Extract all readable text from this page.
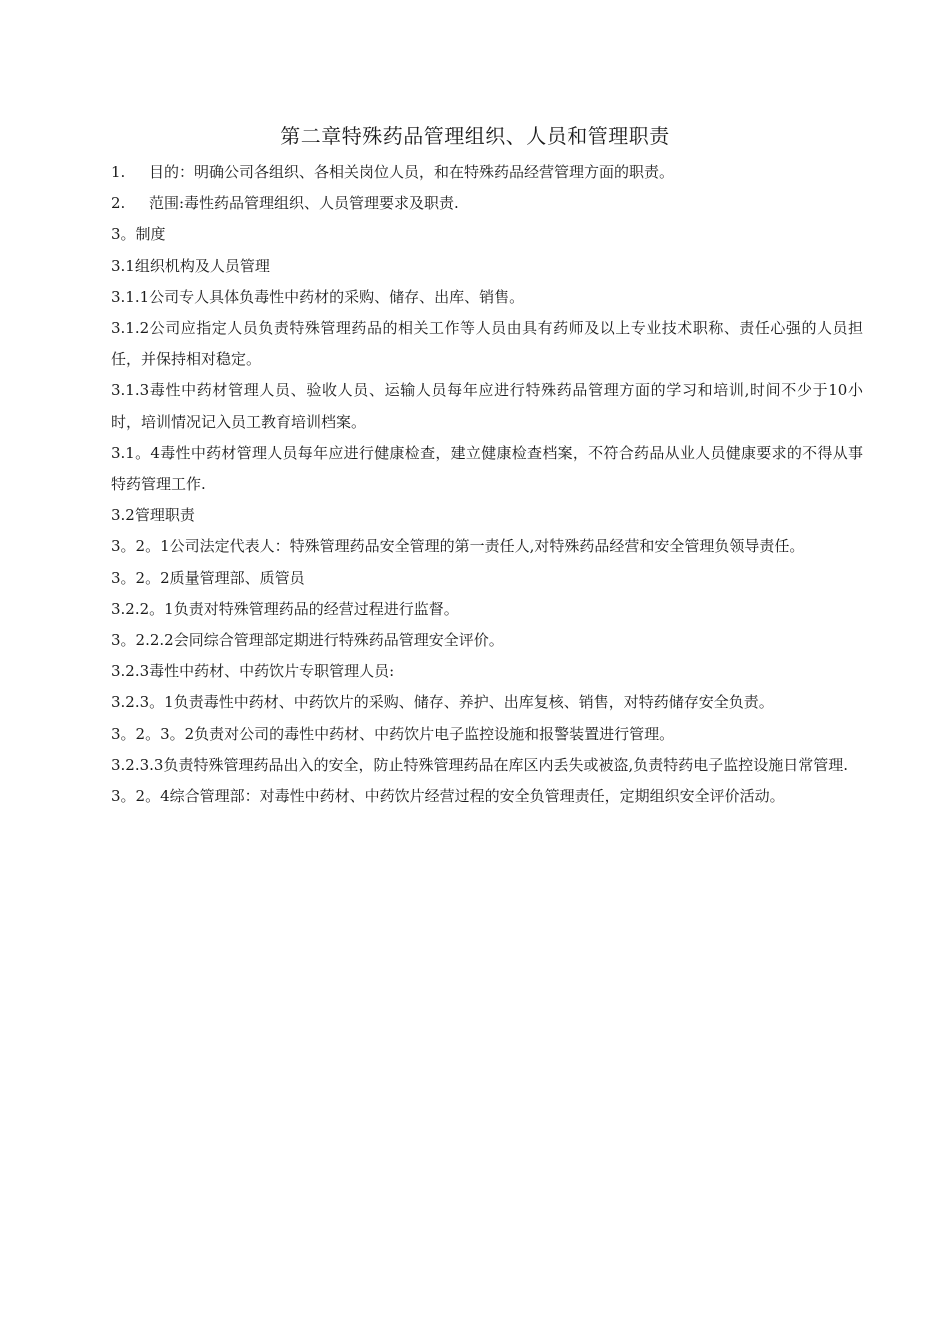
第二章特殊药品管理组织、人员和管理职责

1. 目的：明确公司各组织、各相关岗位人员，和在特殊药品经营管理方面的职责。

2. 范围:毒性药品管理组织、人员管理要求及职责.

3。制度

3.1组织机构及人员管理

3.1.1公司专人具体负毒性中药材的采购、储存、出库、销售。

3.1.2公司应指定人员负责特殊管理药品的相关工作等人员由具有药师及以上专业技术职称、责任心强的人员担任，并保持相对稳定。

3.1.3毒性中药材管理人员、验收人员、运输人员每年应进行特殊药品管理方面的学习和培训,时间不少于10小时，培训情况记入员工教育培训档案。

3.1。4毒性中药材管理人员每年应进行健康检查，建立健康检查档案，不符合药品从业人员健康要求的不得从事特药管理工作.

3.2管理职责

3。2。1公司法定代表人：特殊管理药品安全管理的第一责任人,对特殊药品经营和安全管理负领导责任。

3。2。2质量管理部、质管员

3.2.2。1负责对特殊管理药品的经营过程进行监督。

3。2.2.2会同综合管理部定期进行特殊药品管理安全评价。

3.2.3毒性中药材、中药饮片专职管理人员:

3.2.3。1负责毒性中药材、中药饮片的采购、储存、养护、出库复核、销售，对特药储存安全负责。

3。2。3。2负责对公司的毒性中药材、中药饮片电子监控设施和报警装置进行管理。

3.2.3.3负责特殊管理药品出入的安全，防止特殊管理药品在库区内丢失或被盗,负责特药电子监控设施日常管理.

3。2。4综合管理部：对毒性中药材、中药饮片经营过程的安全负管理责任，定期组织安全评价活动。
